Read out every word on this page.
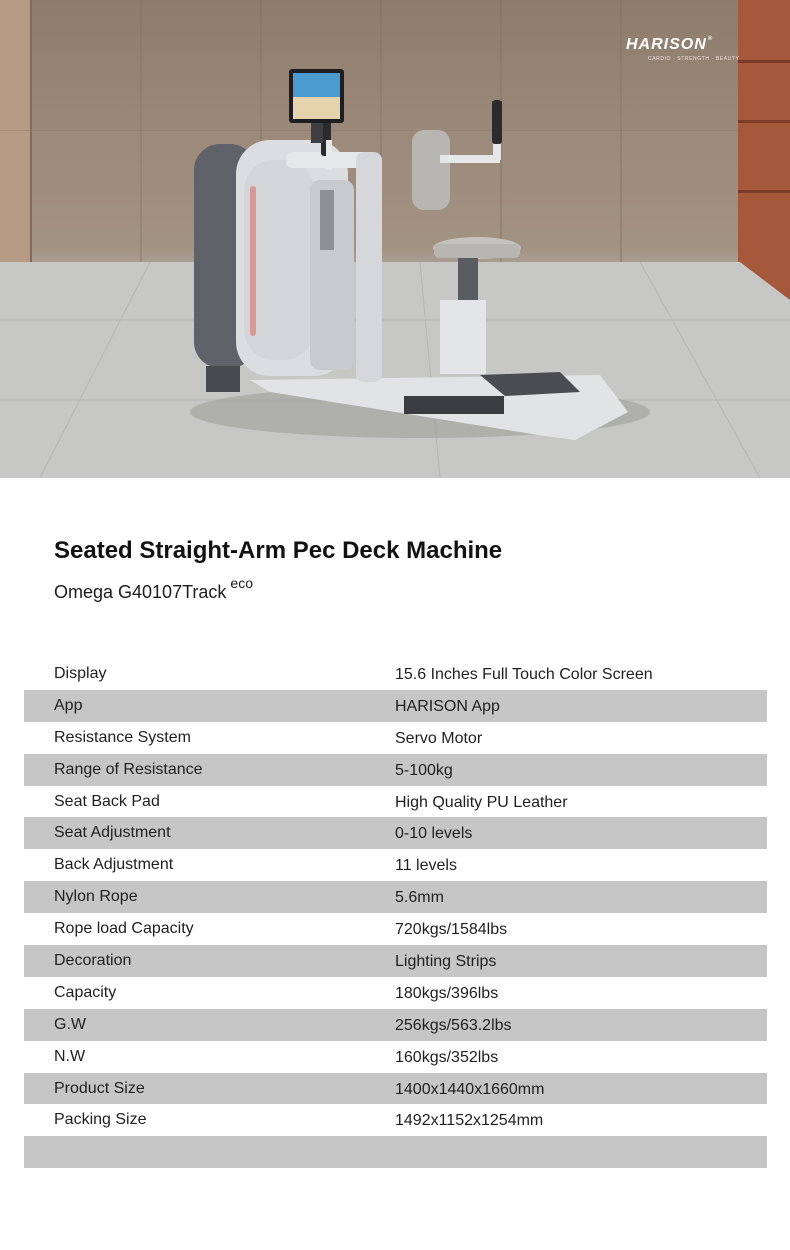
HARISON®
CARDIO · STRENGTH · BEAUTY
Seated Straight-Arm Pec Deck Machine
Omega G40107Track $^{eco}$
Display	15.6 Inches Full Touch Color Screen
App	HARISON App
Resistance System	Servo Motor
Range of Resistance	5-100kg
Seat Back Pad	High Quality PU Leather
Seat Adjustment	0-10 levels
Back Adjustment	11 levels
Nylon Rope	5.6mm
Rope load Capacity	720kgs/1584lbs
Decoration	Lighting Strips
Capacity	180kgs/396lbs
G.W	256kgs/563.2lbs
N.W	160kgs/352lbs
Product Size	1400x1440x1660mm
Packing Size	1492x1152x1254mm
